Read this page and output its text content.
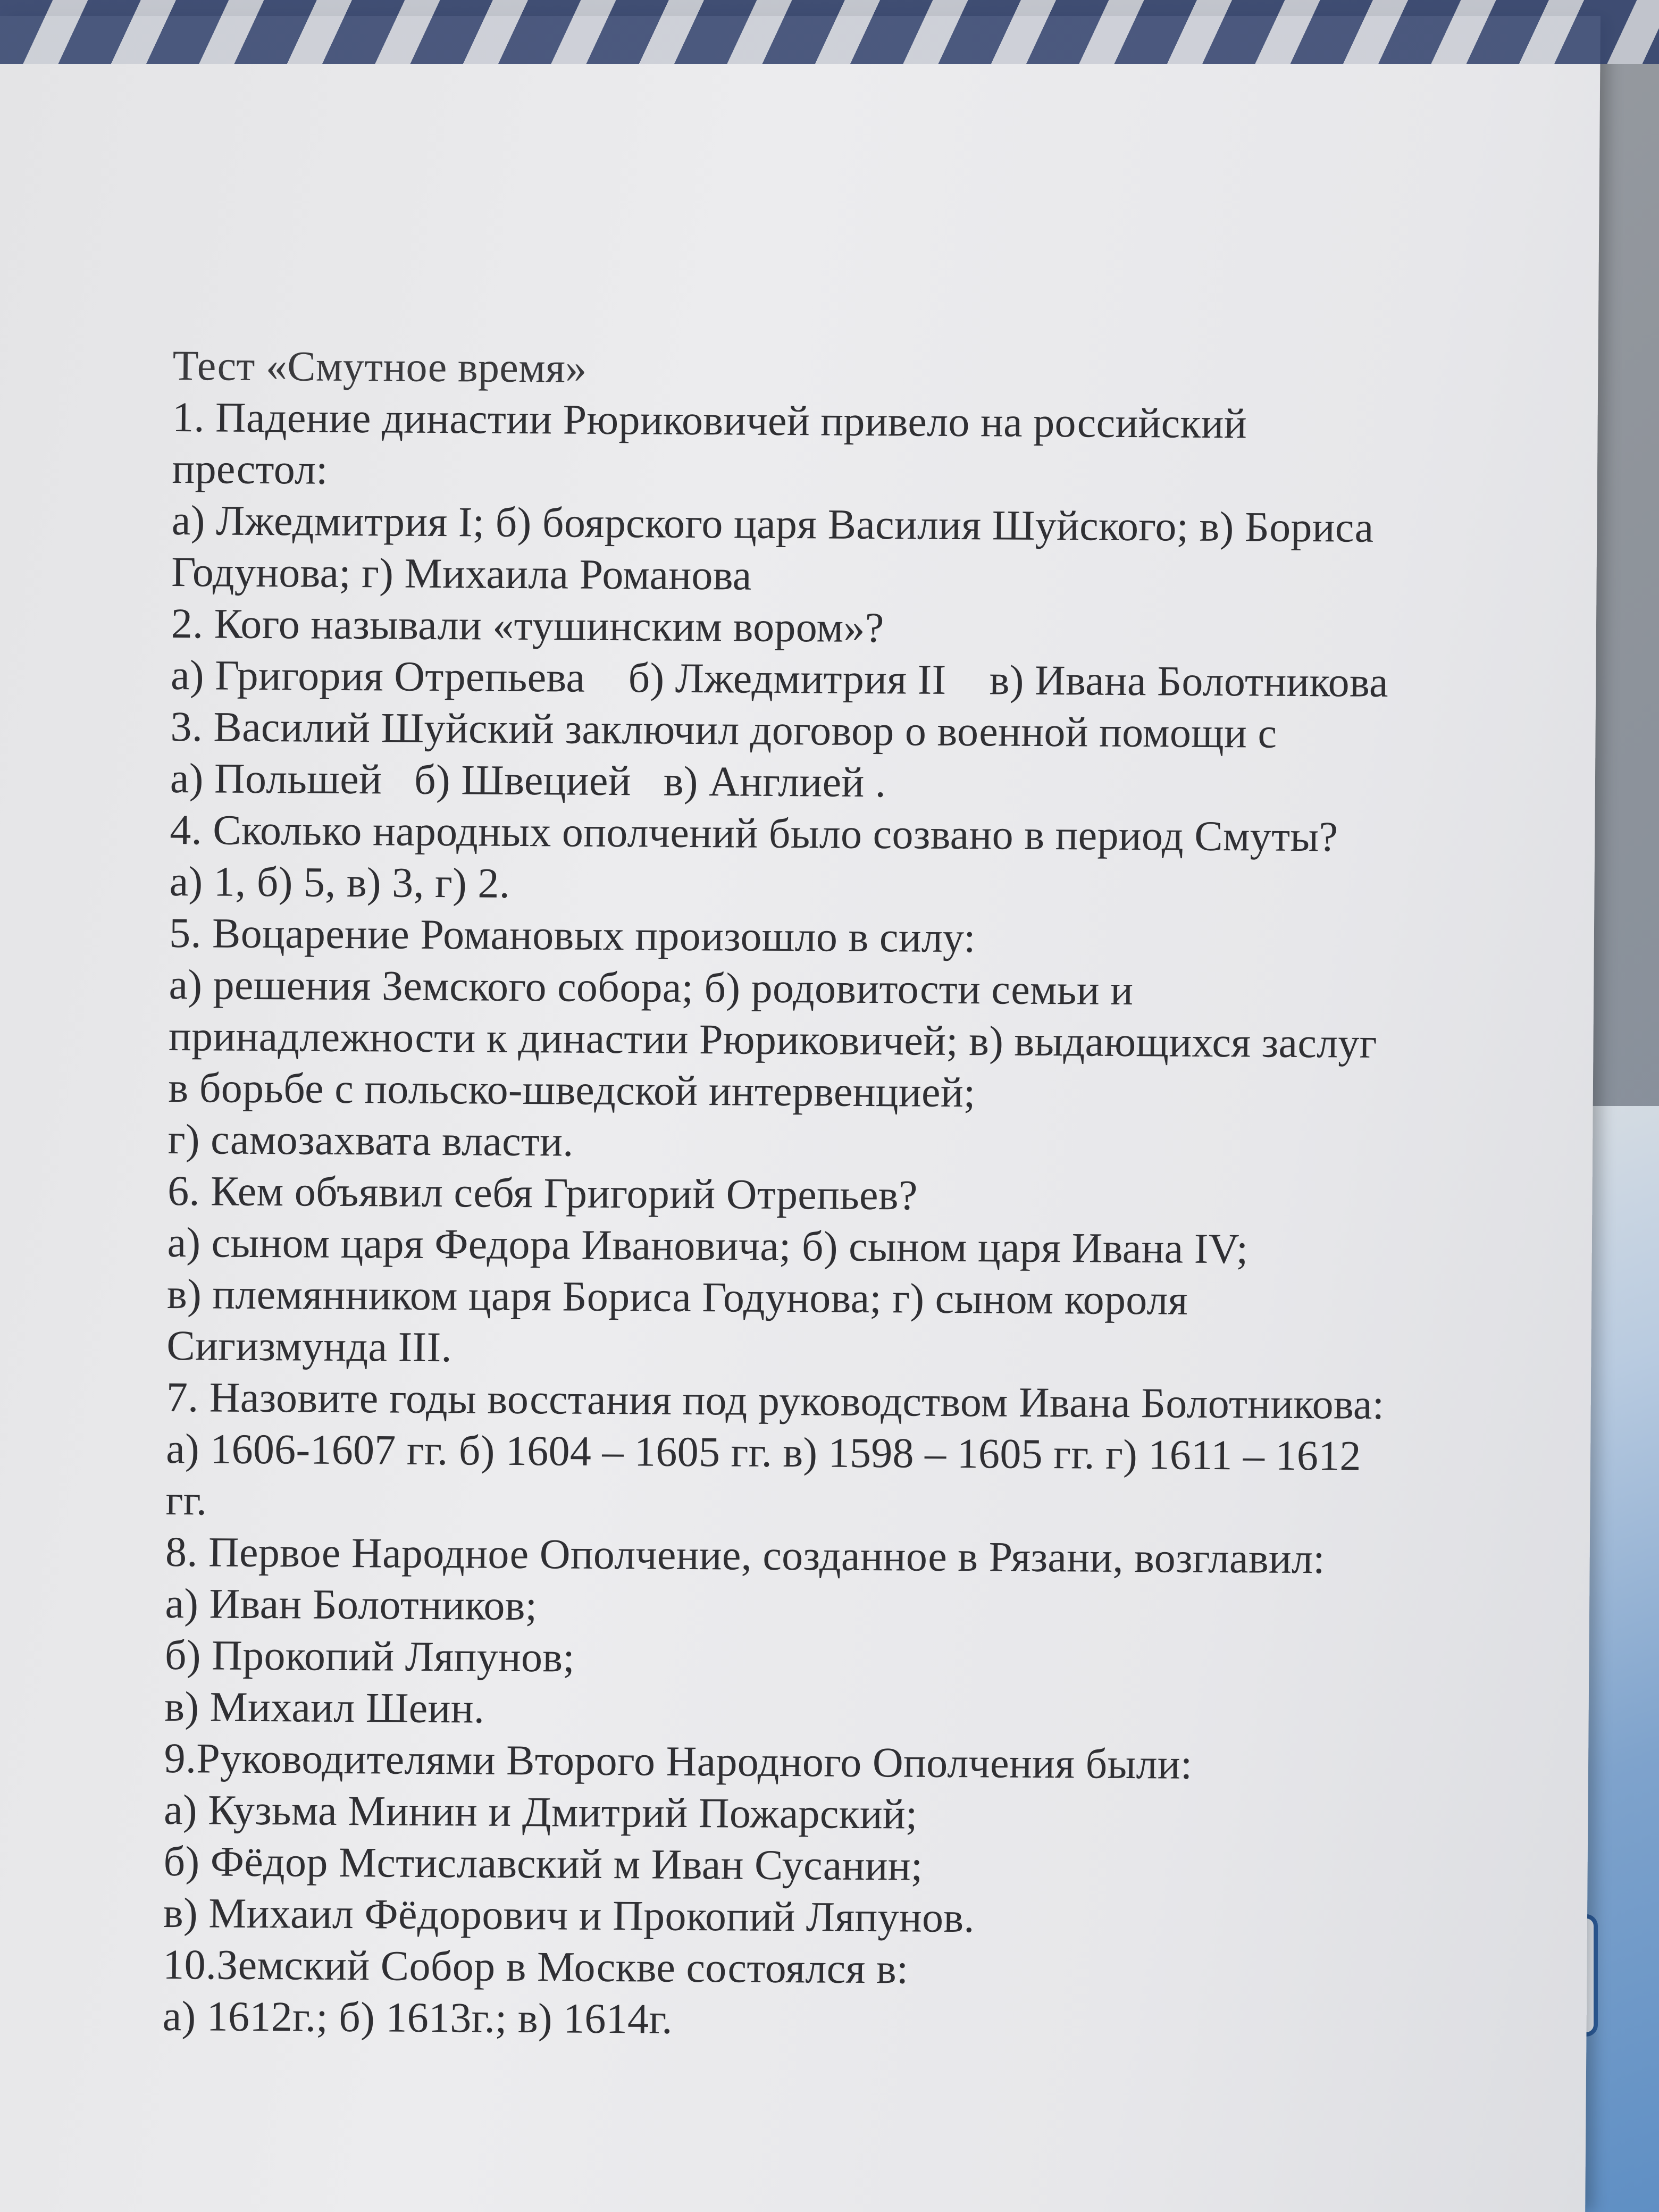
Тест «Смутное время»
1. Падение династии Рюриковичей привело на российский
престол:
а) Лжедмитрия I; б) боярского царя Василия Шуйского; в) Бориса
Годунова; г) Михаила Романова
2. Кого называли «тушинским вором»?
а) Григория Отрепьева    б) Лжедмитрия II    в) Ивана Болотникова
3. Василий Шуйский заключил договор о военной помощи с
а) Польшей   б) Швецией   в) Англией .
4. Сколько народных ополчений было созвано в период Смуты?
а) 1, б) 5, в) 3, г) 2.
5. Воцарение Романовых произошло в силу:
а) решения Земского собора; б) родовитости семьи и
принадлежности к династии Рюриковичей; в) выдающихся заслуг
в борьбе с польско-шведской интервенцией;
г) самозахвата власти.
6. Кем объявил себя Григорий Отрепьев?
а) сыном царя Федора Ивановича; б) сыном царя Ивана IV;
в) племянником царя Бориса Годунова; г) сыном короля
Сигизмунда III.
7. Назовите годы восстания под руководством Ивана Болотникова:
а) 1606-1607 гг. б) 1604 – 1605 гг. в) 1598 – 1605 гг. г) 1611 – 1612
гг.
8. Первое Народное Ополчение, созданное в Рязани, возглавил:
а) Иван Болотников;
б) Прокопий Ляпунов;
в) Михаил Шеин.
9.Руководителями Второго Народного Ополчения были:
а) Кузьма Минин и Дмитрий Пожарский;
б) Фёдор Мстиславский м Иван Сусанин;
в) Михаил Фёдорович и Прокопий Ляпунов.
10.Земский Собор в Москве состоялся в:
а) 1612г.; б) 1613г.; в) 1614г.
